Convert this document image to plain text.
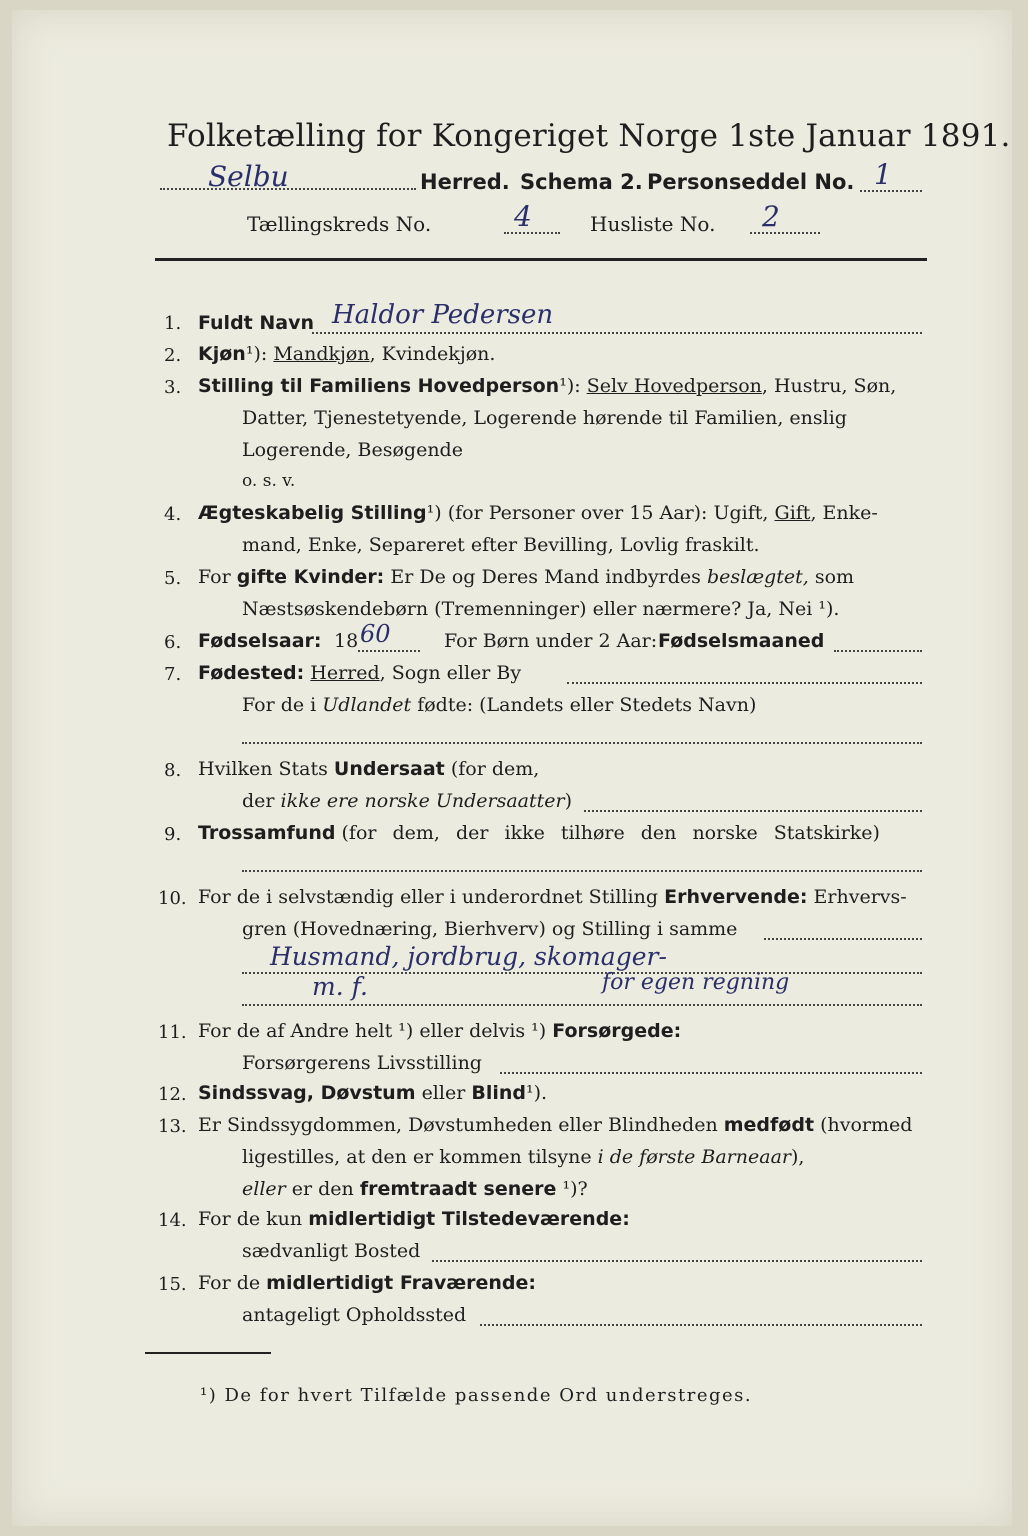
Folketælling for Kongeriget Norge 1ste Januar 1891.
Selbu	Herred. Schema 2. Personseddel No. 1
Tællingskreds No.	4	Husliste No. 2
1. Fuldt Navn Haldor Pedersen
2. Kjøn¹): Mandkjøn, Kvindekjøn.
3. Stilling til Familiens Hovedperson¹): Selv Hovedperson, Hustru, Søn,
Datter, Tjenestetyende, Logerende hørende til Familien, enslig
Logerende, Besøgende
o. s. v.
4. Ægteskabelig Stilling¹) (for Personer over 15 Aar): Ugift, Gift, Enke-
mand, Enke, Separeret efter Bevilling, Lovlig fraskilt.
5. For gifte Kvinder: Er De og Deres Mand indbyrdes beslægtet, som
Næstsøskendebørn (Tremenninger) eller nærmere? Ja, Nei ¹).
6. Fødselsaar: 18 60	For Børn under 2 Aar: Fødselsmaaned
7. Fødested: Herred, Sogn eller By
For de i Udlandet fødte: (Landets eller Stedets Navn)
8. Hvilken Stats Undersaat (for dem,
der ikke ere norske Undersaatter)
9. Trossamfund (for dem, der ikke tilhøre den norske Statskirke)
10. For de i selvstændig eller i underordnet Stilling Erhvervende: Erhvervs-
gren (Hovednæring, Bierhverv) og Stilling i samme
Husmand, jordbrug, skomager-
m. f.	for egen regning
11. For de af Andre helt ¹) eller delvis ¹) Forsørgede:
Forsørgerens Livsstilling
12. Sindssvag, Døvstum eller Blind¹).
13. Er Sindssygdommen, Døvstumheden eller Blindheden medfødt (hvormed
ligestilles, at den er kommen tilsyne i de første Barneaar),
eller er den fremtraadt senere ¹)?
14. For de kun midlertidigt Tilstedeværende:
sædvanligt Bosted
15. For de midlertidigt Fraværende:
antageligt Opholdssted
¹) De for hvert Tilfælde passende Ord understreges.
